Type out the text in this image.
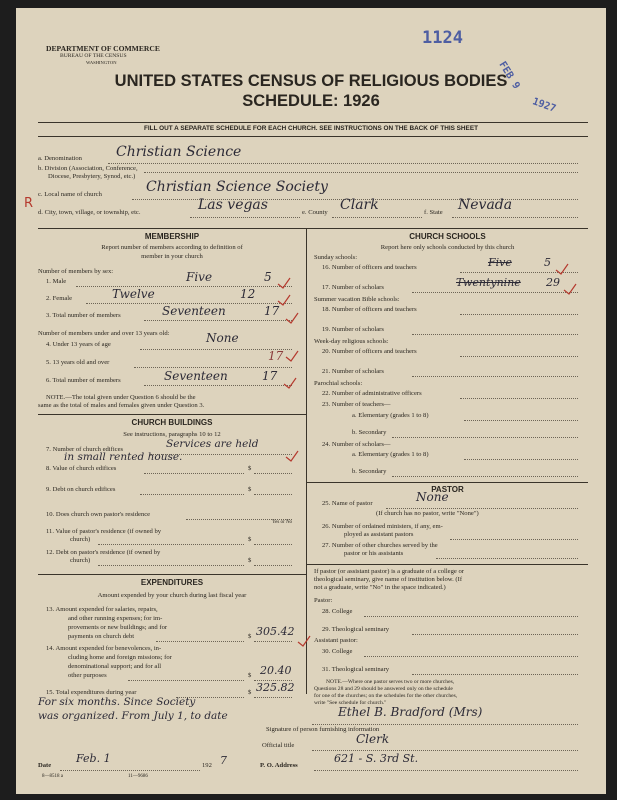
DEPARTMENT OF COMMERCE
BUREAU OF THE CENSUS
WASHINGTON
1124
FEB 9
1927
UNITED STATES CENSUS OF RELIGIOUS BODIES
SCHEDULE: 1926
FILL OUT A SEPARATE SCHEDULE FOR EACH CHURCH. SEE INSTRUCTIONS ON THE BACK OF THIS SHEET
a. Denomination Christian Science
b. Division (Association, Conference,
Diocese, Presbytery, Synod, etc.)
c. Local name of church	Christian Science Society
R
d. City, town, village, or township, etc.	Las vegas	e. County Clark	f. State Nevada
MEMBERSHIP
Report number of members according to definition of
member in your church
Number of members by sex:
1. Male	Five	5
2. Female	Twelve	12
3. Total number of members	Seventeen	17
Number of members under and over 13 years old:
4. Under 13 years of age	None
5. 13 years old and over	17
6. Total number of members	Seventeen	17
NOTE.—The total given under Question 6 should be the
same as the total of males and females given under Question 3.
CHURCH BUILDINGS
See instructions, paragraphs 10 to 12
7. Number of church edifices	Services are held
in small rented house.
8. Value of church edifices	$
9. Debt on church edifices	$
10. Does church own pastor's residence
Yes or No
11. Value of pastor's residence (if owned by
church)	$
12. Debt on pastor's residence (if owned by
church)	$
EXPENDITURES
Amount expended by your church during last fiscal year
13. Amount expended for salaries, repairs,
and other running expenses; for im-
provements or new buildings; and for
payments on church debt	$ 305.42
14. Amount expended for benevolences, in-
cluding home and foreign missions; for
denominational support; and for all
other purposes	$ 20.40
15. Total expenditures during year	$ 325.82
CHURCH SCHOOLS
Report here only schools conducted by this church
Sunday schools:
16. Number of officers and teachers	Five	5
17. Number of scholars	Twentynine 29
Summer vacation Bible schools:
18. Number of officers and teachers
19. Number of scholars
Week-day religious schools:
20. Number of officers and teachers
21. Number of scholars
Parochial schools:
22. Number of administrative officers
23. Number of teachers—
a. Elementary (grades 1 to 8)
b. Secondary
24. Number of scholars—
a. Elementary (grades 1 to 8)
b. Secondary
PASTOR
25. Name of pastor	None
(If church has no pastor, write "None")
26. Number of ordained ministers, if any, em-
ployed as assistant pastors
27. Number of other churches served by the
pastor or his assistants
If pastor (or assistant pastor) is a graduate of a college or
theological seminary, give name of institution below. (If
not a graduate, write "No" in the space indicated.)
Pastor:
28. College
29. Theological seminary
Assistant pastor:
30. College
31. Theological seminary
NOTE.—Where one pastor serves two or more churches,
Questions 28 and 29 should be answered only on the schedule
for one of the churches; on the schedules for the other churches,
write "See schedule for church."
For six months. Since Society
was organized. From July 1, to date	Ethel B. Bradford (Mrs)
Signature of person furnishing information
Official title	Clerk
Date
Feb. 1
192 7	P. O. Address
621 - S. 3rd St.
8—8518 a	11—9686
